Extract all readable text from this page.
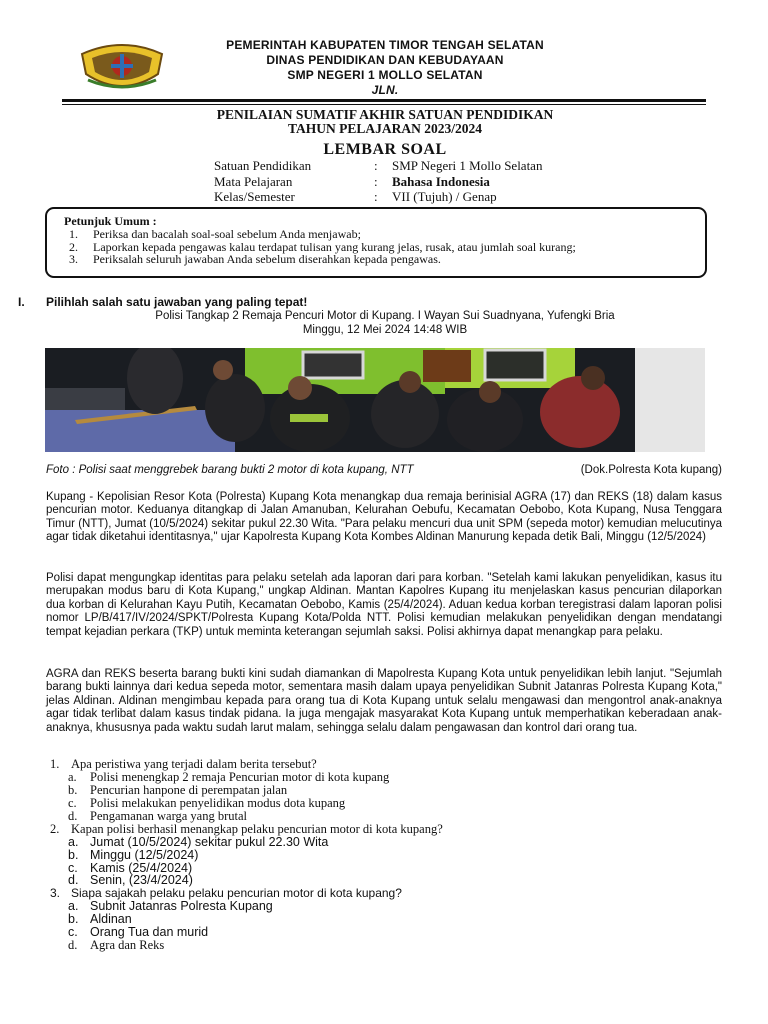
PEMERINTAH KABUPATEN TIMOR TENGAH SELATAN
DINAS PENDIDIKAN DAN KEBUDAYAAN
SMP NEGERI 1 MOLLO SELATAN
JLN.
PENILAIAN SUMATIF AKHIR SATUAN PENDIDIKAN
TAHUN PELAJARAN 2023/2024
LEMBAR SOAL
Satuan Pendidikan	: SMP Negeri 1 Mollo Selatan
Mata Pelajaran	: Bahasa Indonesia
Kelas/Semester	: VII (Tujuh) / Genap
Petunjuk Umum :
1. Periksa dan bacalah soal-soal sebelum Anda menjawab;
2. Laporkan kepada pengawas kalau terdapat tulisan yang kurang jelas, rusak, atau jumlah soal kurang;
3. Periksalah seluruh jawaban Anda sebelum diserahkan kepada pengawas.
I. Pilihlah salah satu jawaban yang paling tepat!
Polisi Tangkap 2 Remaja Pencuri Motor di Kupang. I Wayan Sui Suadnyana, Yufengki Bria
Minggu, 12 Mei 2024 14:48 WIB
Foto : Polisi saat menggrebek barang bukti 2 motor di kota kupang, NTT	(Dok.Polresta Kota kupang)
Kupang - Kepolisian Resor Kota (Polresta) Kupang Kota menangkap dua remaja berinisial AGRA (17) dan REKS (18) dalam kasus pencurian motor. Keduanya ditangkap di Jalan Amanuban, Kelurahan Oebufu, Kecamatan Oebobo, Kota Kupang, Nusa Tenggara Timur (NTT), Jumat (10/5/2024) sekitar pukul 22.30 Wita. "Para pelaku mencuri dua unit SPM (sepeda motor) kemudian melucutinya agar tidak diketahui identitasnya," ujar Kapolresta Kupang Kota Kombes Aldinan Manurung kepada detik Bali, Minggu (12/5/2024)
Polisi dapat mengungkap identitas para pelaku setelah ada laporan dari para korban. "Setelah kami lakukan penyelidikan, kasus itu merupakan modus baru di Kota Kupang," ungkap Aldinan. Mantan Kapolres Kupang itu menjelaskan kasus pencurian dilaporkan dua korban di Kelurahan Kayu Putih, Kecamatan Oebobo, Kamis (25/4/2024). Aduan kedua korban teregistrasi dalam laporan polisi nomor LP/B/417/IV/2024/SPKT/Polresta Kupang Kota/Polda NTT. Polisi kemudian melakukan penyelidikan dengan mendatangi tempat kejadian perkara (TKP) untuk meminta keterangan sejumlah saksi. Polisi akhirnya dapat menangkap para pelaku.
AGRA dan REKS beserta barang bukti kini sudah diamankan di Mapolresta Kupang Kota untuk penyelidikan lebih lanjut. "Sejumlah barang bukti lainnya dari kedua sepeda motor, sementara masih dalam upaya penyelidikan Subnit Jatanras Polresta Kupang Kota," jelas Aldinan. Aldinan mengimbau kepada para orang tua di Kota Kupang untuk selalu mengawasi dan mengontrol anak-anaknya agar tidak terlibat dalam kasus tindak pidana. Ia juga mengajak masyarakat Kota Kupang untuk memperhatikan keberadaan anak-anaknya, khususnya pada waktu sudah larut malam, sehingga selalu dalam pengawasan dan kontrol dari orang tua.
1. Apa peristiwa yang terjadi dalam berita tersebut?
a. Polisi menengkap 2 remaja Pencurian motor di kota kupang
b. Pencurian hanpone di perempatan jalan
c. Polisi melakukan penyelidikan modus dota kupang
d. Pengamanan warga yang brutal
2. Kapan polisi berhasil menangkap pelaku pencurian motor di kota kupang?
a. Jumat (10/5/2024) sekitar pukul 22.30 Wita
b. Minggu (12/5/2024)
c. Kamis (25/4/2024)
d. Senin, (23/4/2024)
3. Siapa sajakah pelaku pelaku pencurian motor di kota kupang?
a. Subnit Jatanras Polresta Kupang
b. Aldinan
c. Orang Tua dan murid
d. Agra dan Reks
